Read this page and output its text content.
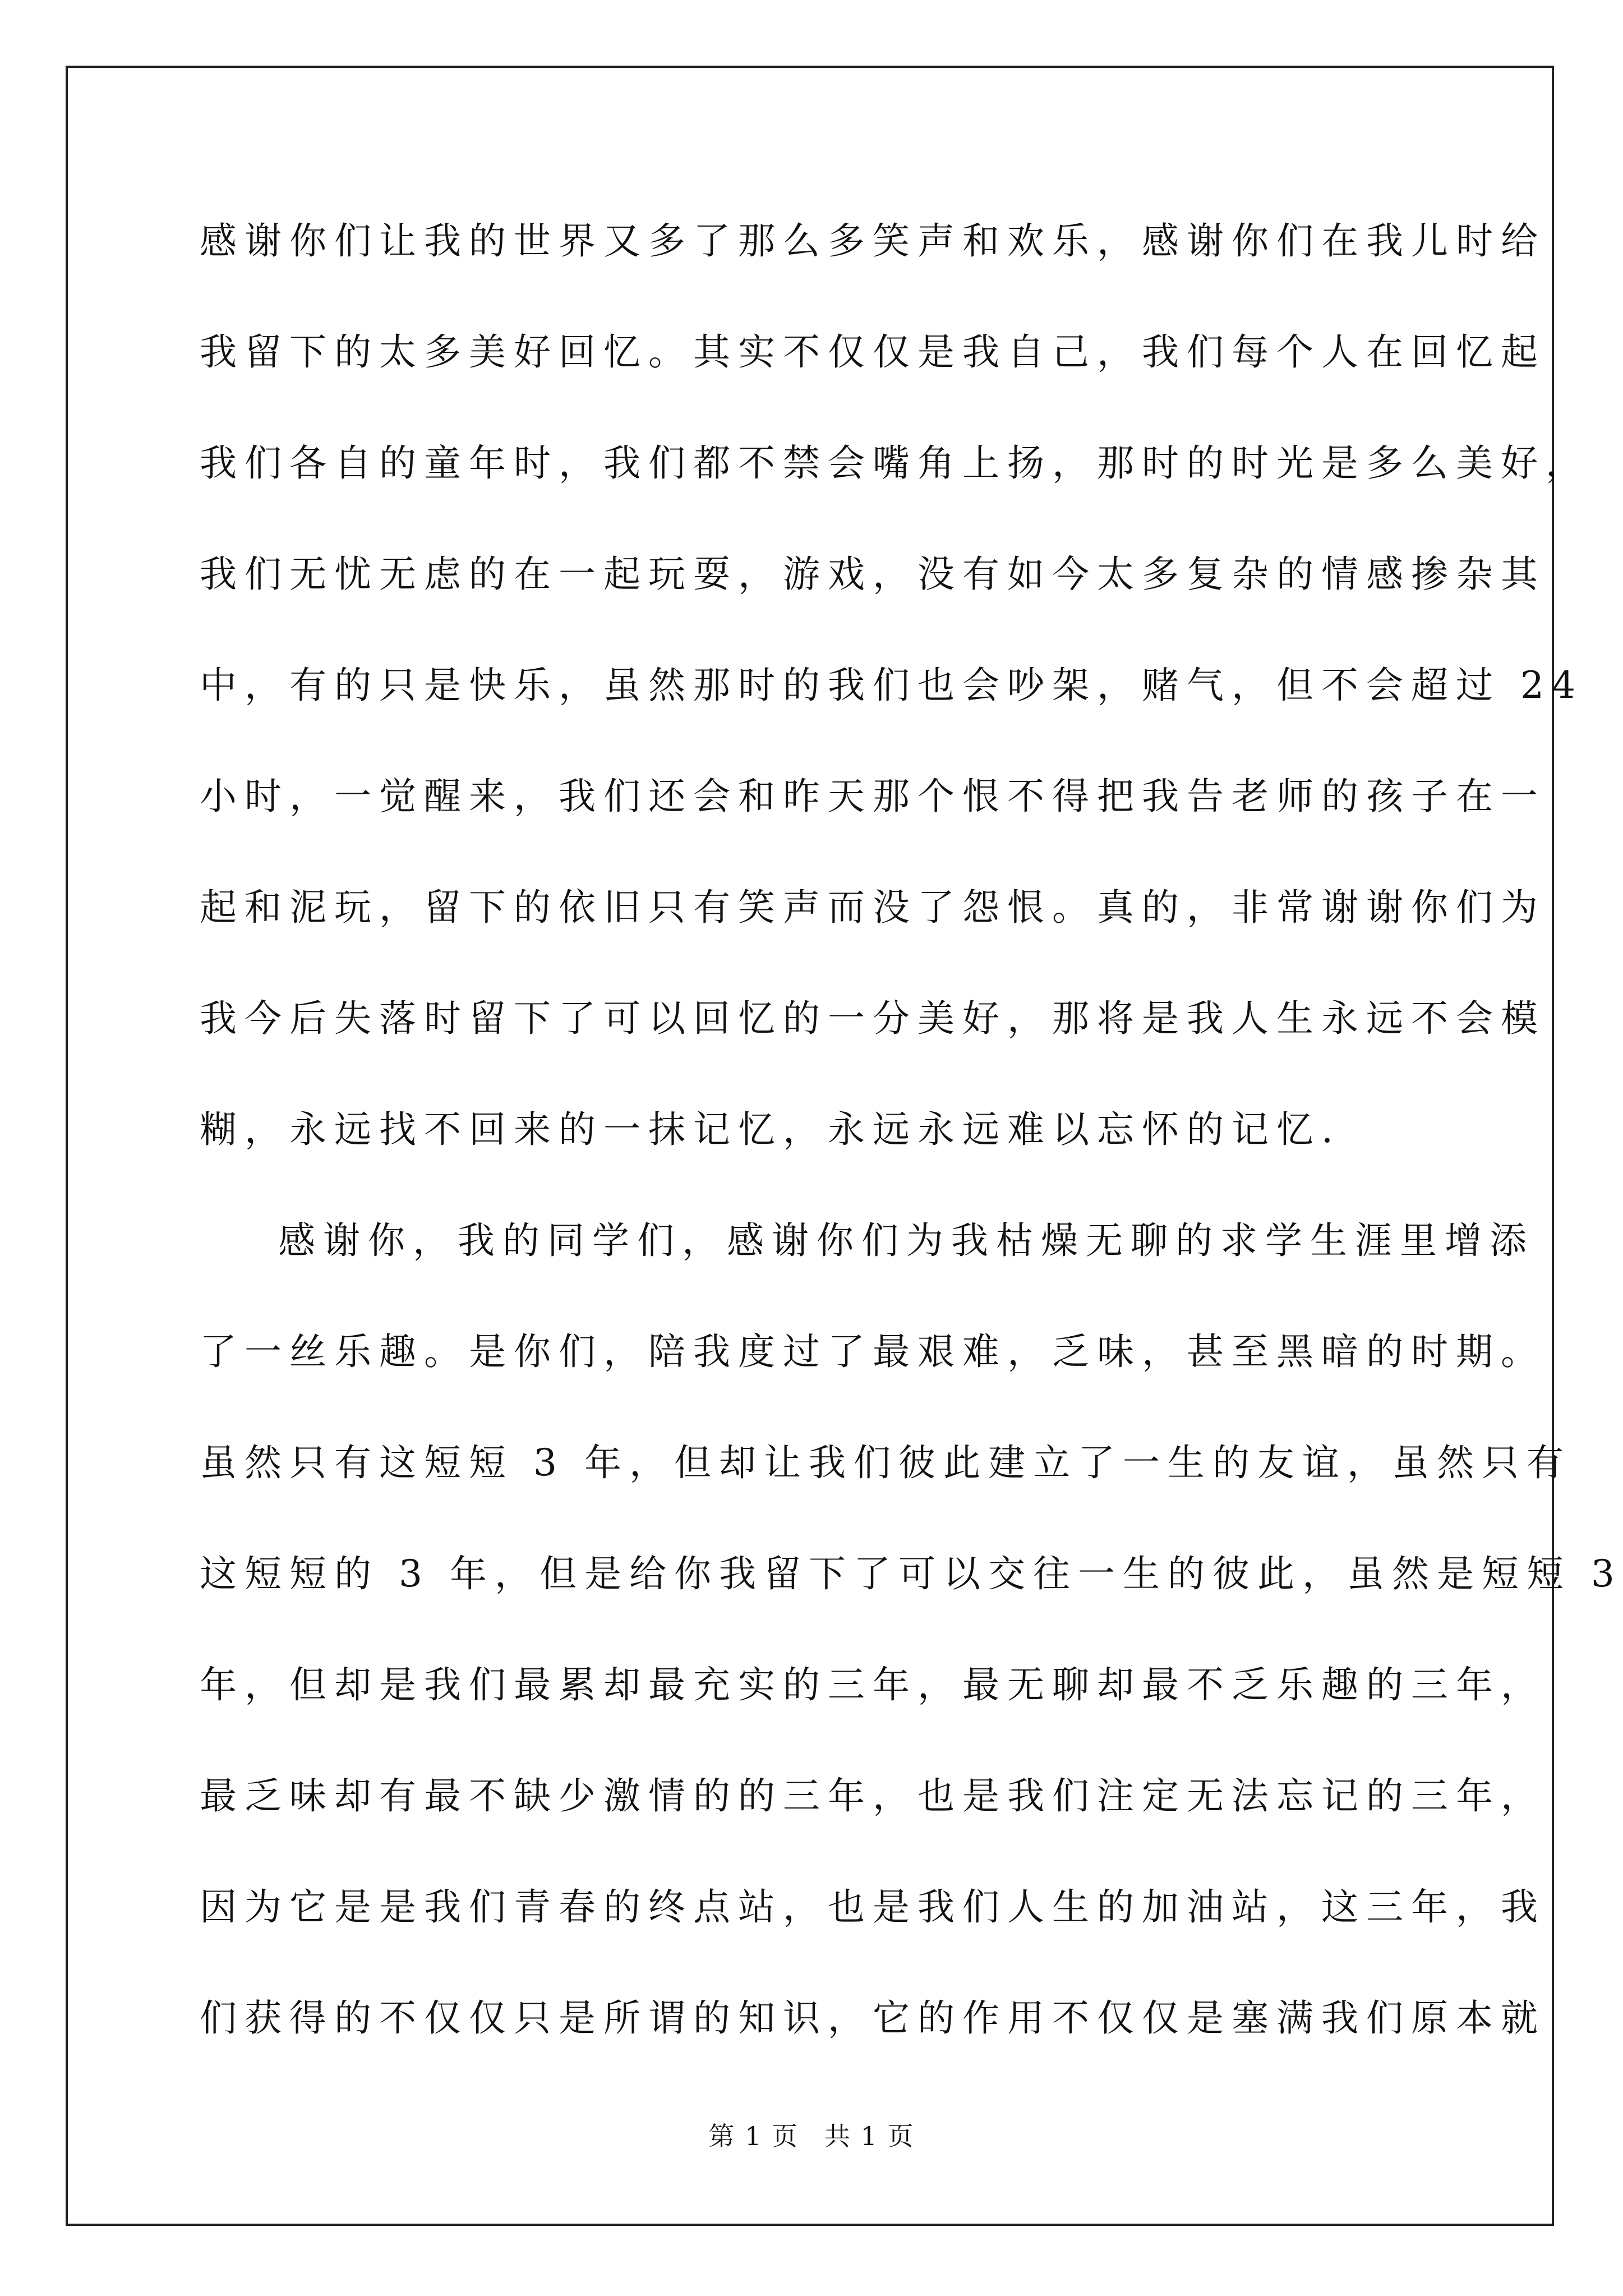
感谢你们让我的世界又多了那么多笑声和欢乐，感谢你们在我儿时给
我留下的太多美好回忆。其实不仅仅是我自己，我们每个人在回忆起
我们各自的童年时，我们都不禁会嘴角上扬，那时的时光是多么美好，
我们无忧无虑的在一起玩耍，游戏，没有如今太多复杂的情感掺杂其
中，有的只是快乐，虽然那时的我们也会吵架，赌气，但不会超过 24
小时，一觉醒来，我们还会和昨天那个恨不得把我告老师的孩子在一
起和泥玩，留下的依旧只有笑声而没了怨恨。真的，非常谢谢你们为
我今后失落时留下了可以回忆的一分美好，那将是我人生永远不会模
糊，永远找不回来的一抹记忆，永远永远难以忘怀的记忆.
感谢你，我的同学们，感谢你们为我枯燥无聊的求学生涯里增添
了一丝乐趣。是你们，陪我度过了最艰难，乏味，甚至黑暗的时期。
虽然只有这短短 3 年，但却让我们彼此建立了一生的友谊，虽然只有
这短短的 3 年，但是给你我留下了可以交往一生的彼此，虽然是短短 3
年，但却是我们最累却最充实的三年，最无聊却最不乏乐趣的三年，
最乏味却有最不缺少激情的的三年，也是我们注定无法忘记的三年，
因为它是是我们青春的终点站，也是我们人生的加油站，这三年，我
们获得的不仅仅只是所谓的知识，它的作用不仅仅是塞满我们原本就
第 1 页 共 1 页
